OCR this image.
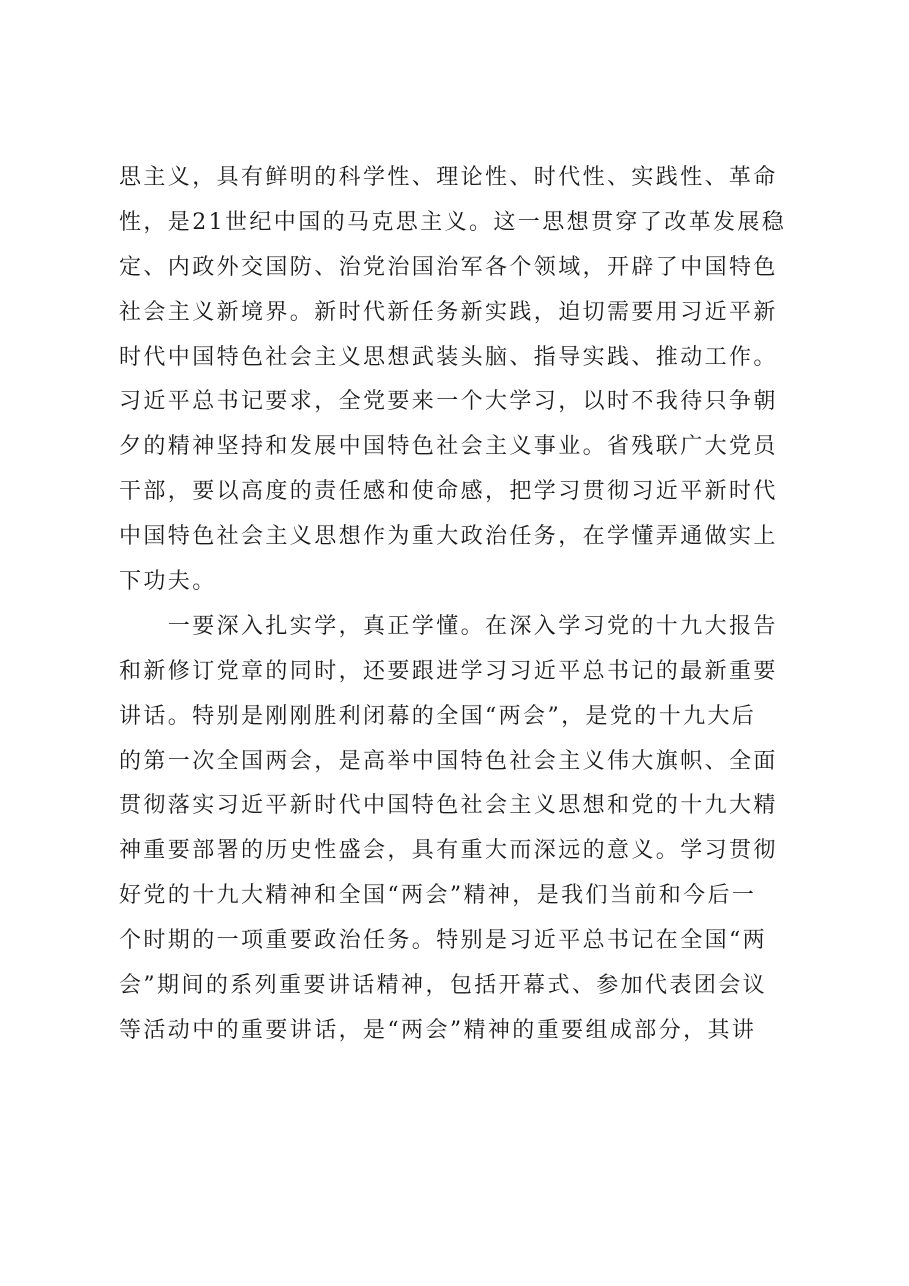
思主义，具有鲜明的科学性、理论性、时代性、实践性、革命
性，是21世纪中国的马克思主义。这一思想贯穿了改革发展稳
定、内政外交国防、治党治国治军各个领域，开辟了中国特色
社会主义新境界。新时代新任务新实践，迫切需要用习近平新
时代中国特色社会主义思想武装头脑、指导实践、推动工作。
习近平总书记要求，全党要来一个大学习，以时不我待只争朝
夕的精神坚持和发展中国特色社会主义事业。省残联广大党员
干部，要以高度的责任感和使命感，把学习贯彻习近平新时代
中国特色社会主义思想作为重大政治任务，在学懂弄通做实上
下功夫。
　　一要深入扎实学，真正学懂。在深入学习党的十九大报告
和新修订党章的同时，还要跟进学习习近平总书记的最新重要
讲话。特别是刚刚胜利闭幕的全国“两会”，是党的十九大后
的第一次全国两会，是高举中国特色社会主义伟大旗帜、全面
贯彻落实习近平新时代中国特色社会主义思想和党的十九大精
神重要部署的历史性盛会，具有重大而深远的意义。学习贯彻
好党的十九大精神和全国“两会”精神，是我们当前和今后一
个时期的一项重要政治任务。特别是习近平总书记在全国“两
会”期间的系列重要讲话精神，包括开幕式、参加代表团会议
等活动中的重要讲话，是“两会”精神的重要组成部分，其讲
